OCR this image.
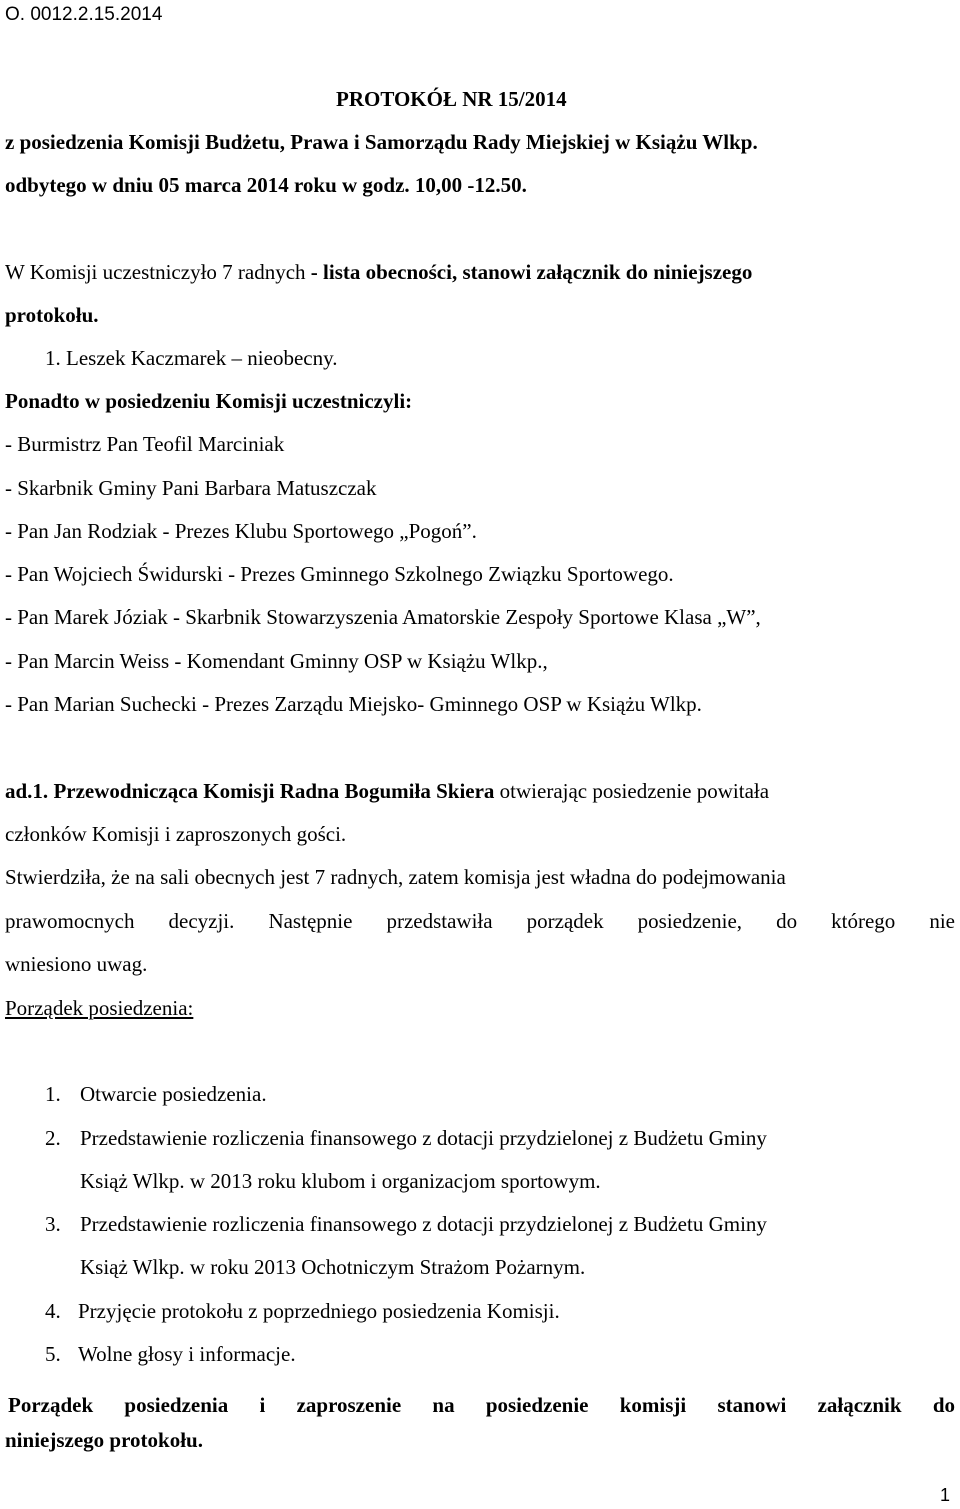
O. 0012.2.15.2014
PROTOKÓŁ NR 15/2014
z posiedzenia Komisji Budżetu, Prawa i Samorządu Rady Miejskiej w Książu Wlkp.
odbytego w dniu 05 marca 2014 roku w godz. 10,00 -12.50.
W Komisji uczestniczyło 7 radnych - lista obecności, stanowi załącznik do niniejszego
protokołu.
1. Leszek Kaczmarek – nieobecny.
Ponadto w posiedzeniu Komisji uczestniczyli:
- Burmistrz Pan Teofil Marciniak
- Skarbnik Gminy Pani Barbara Matuszczak
- Pan Jan Rodziak - Prezes Klubu Sportowego „Pogoń”.
- Pan Wojciech Świdurski - Prezes Gminnego Szkolnego Związku Sportowego.
- Pan Marek Józiak - Skarbnik Stowarzyszenia Amatorskie Zespoły Sportowe Klasa „W”,
- Pan Marcin Weiss - Komendant Gminny OSP w Książu Wlkp.,
- Pan Marian Suchecki - Prezes Zarządu Miejsko- Gminnego OSP w Książu Wlkp.
ad.1. Przewodnicząca Komisji Radna Bogumiła Skiera otwierając posiedzenie powitała
członków Komisji i zaproszonych gości.
Stwierdziła, że na sali obecnych jest 7 radnych, zatem komisja jest władna do podejmowania
prawomocnych decyzji. Następnie przedstawiła porządek posiedzenie, do którego nie
wniesiono uwag.
Porządek posiedzenia:
1. Otwarcie posiedzenia.
2. Przedstawienie rozliczenia finansowego z dotacji przydzielonej z Budżetu Gminy
Książ Wlkp. w 2013 roku klubom i organizacjom sportowym.
3. Przedstawienie rozliczenia finansowego z dotacji przydzielonej z Budżetu Gminy
Książ Wlkp. w roku 2013 Ochotniczym Strażom Pożarnym.
4. Przyjęcie protokołu z poprzedniego posiedzenia Komisji.
5. Wolne głosy i informacje.
Porządek posiedzenia i zaproszenie na posiedzenie komisji stanowi załącznik do
niniejszego protokołu.
1
